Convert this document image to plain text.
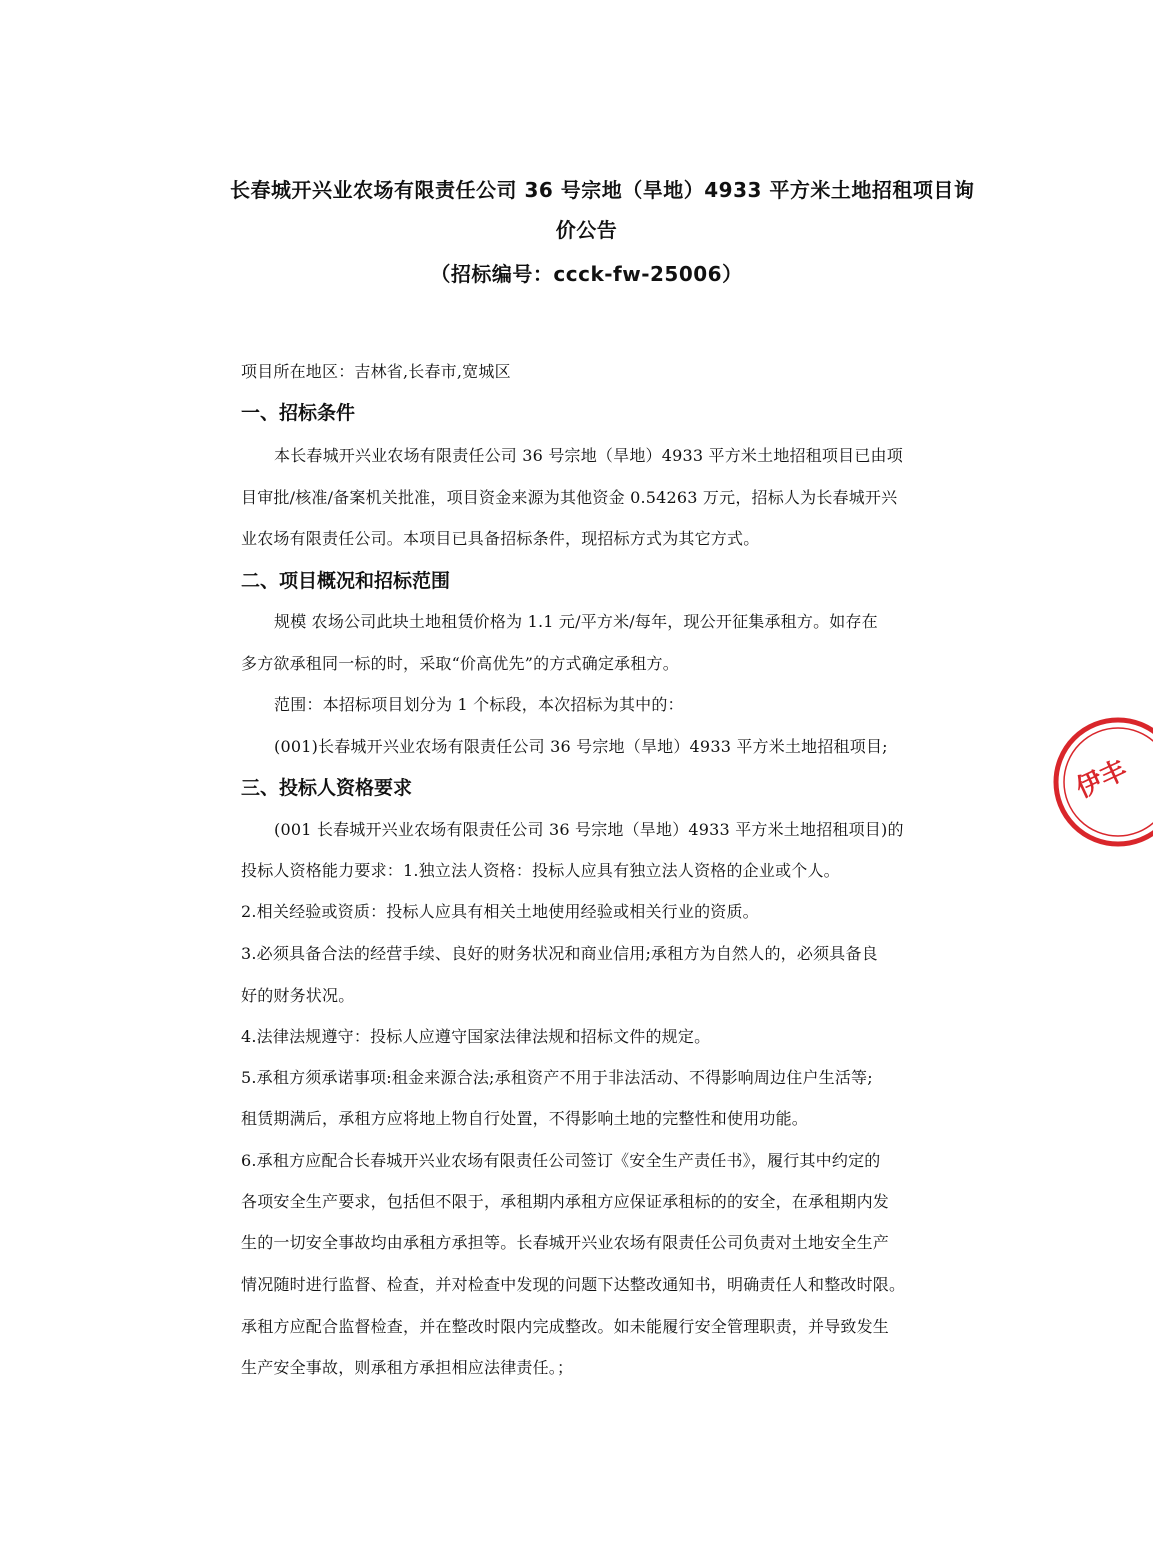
长春城开兴业农场有限责任公司 36 号宗地（旱地）4933 平方米土地招租项目询
价公告
（招标编号：ccck-fw-25006）

项目所在地区：吉林省,长春市,宽城区

一、招标条件

本长春城开兴业农场有限责任公司 36 号宗地（旱地）4933 平方米土地招租项目已由项

目审批/核准/备案机关批准，项目资金来源为其他资金 0.54263 万元，招标人为长春城开兴

业农场有限责任公司。本项目已具备招标条件，现招标方式为其它方式。

二、项目概况和招标范围

规模 农场公司此块土地租赁价格为 1.1 元/平方米/每年，现公开征集承租方。如存在

多方欲承租同一标的时，采取“价高优先”的方式确定承租方。

范围：本招标项目划分为 1 个标段，本次招标为其中的：

(001)长春城开兴业农场有限责任公司 36 号宗地（旱地）4933 平方米土地招租项目;

三、投标人资格要求

(001 长春城开兴业农场有限责任公司 36 号宗地（旱地）4933 平方米土地招租项目)的

投标人资格能力要求：1.独立法人资格：投标人应具有独立法人资格的企业或个人。

2.相关经验或资质：投标人应具有相关土地使用经验或相关行业的资质。

3.必须具备合法的经营手续、良好的财务状况和商业信用;承租方为自然人的，必须具备良

好的财务状况。

4.法律法规遵守：投标人应遵守国家法律法规和招标文件的规定。

5.承租方须承诺事项:租金来源合法;承租资产不用于非法活动、不得影响周边住户生活等;

租赁期满后，承租方应将地上物自行处置，不得影响土地的完整性和使用功能。

6.承租方应配合长春城开兴业农场有限责任公司签订《安全生产责任书》，履行其中约定的

各项安全生产要求，包括但不限于，承租期内承租方应保证承租标的的安全，在承租期内发

生的一切安全事故均由承租方承担等。长春城开兴业农场有限责任公司负责对土地安全生产

情况随时进行监督、检查，并对检查中发现的问题下达整改通知书，明确责任人和整改时限。

承租方应配合监督检查，并在整改时限内完成整改。如未能履行安全管理职责，并导致发生

生产安全事故，则承租方承担相应法律责任。；

伊丰
